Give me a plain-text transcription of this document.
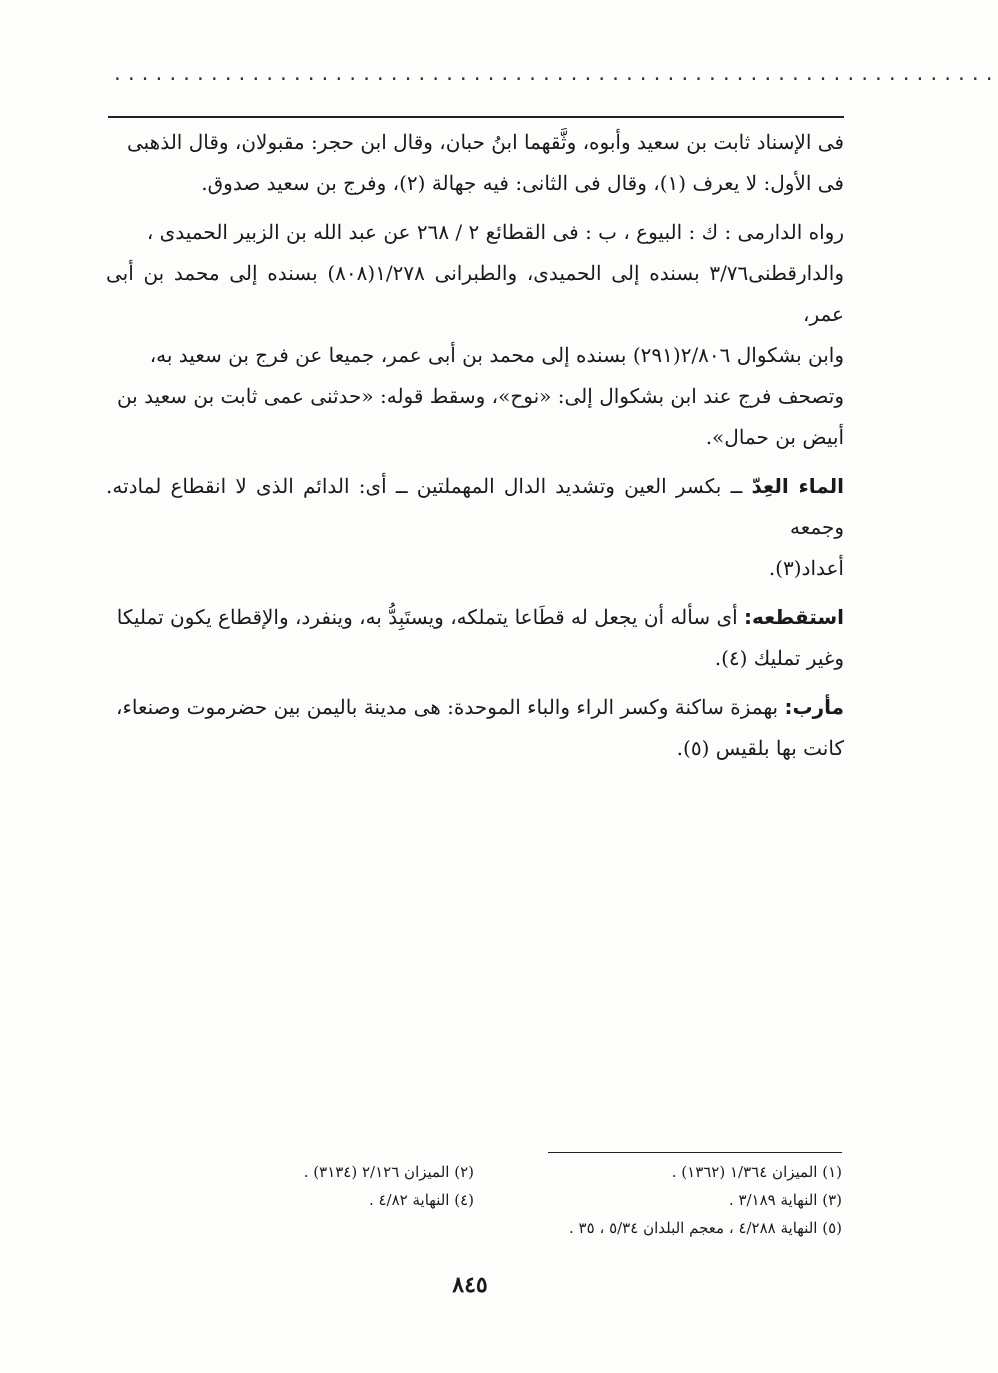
................................................................

فى الإسناد ثابت بن سعيد وأبوه، وثَّقهما ابنُ حبان، وقال ابن حجر: مقبولان، وقال الذهبى
فى الأول: لا يعرف (١)، وقال فى الثانى: فيه جهالة (٢)، وفرج بن سعيد صدوق.

رواه الدارمى : ك : البيوع ، ب : فى القطائع ٢ / ٢٦٨ عن عبد الله بن الزبير الحميدى ،
والدارقطنى٣/٧٦ بسنده إلى الحميدى، والطبرانى ١/٢٧٨(٨٠٨) بسنده إلى محمد بن أبى عمر،
وابن بشكوال ٢/٨٠٦(٢٩١) بسنده إلى محمد بن أبى عمر، جميعا عن فرج بن سعيد به،
وتصحف فرج عند ابن بشكوال إلى: «نوح»، وسقط قوله: «حدثنى عمى ثابت بن سعيد بن
أبيض بن حمال».

الماء العِدّ ــ بكسر العين وتشديد الدال المهملتين ــ أى: الدائم الذى لا انقطاع لمادته. وجمعه
أعداد(٣).

استقطعه: أى سأله أن يجعل له قطَاعا يتملكه، ويستَبِدُّ به، وينفرد، والإقطاع يكون تمليكا
وغير تمليك (٤).

مأرب: بهمزة ساكنة وكسر الراء والباء الموحدة: هى مدينة باليمن بين حضرموت وصنعاء،
كانت بها بلقيس (٥).

(١) الميزان ١/٣٦٤ (١٣٦٢) .
(٢) الميزان ٢/١٢٦ (٣١٣٤) .
(٣) النهاية ٣/١٨٩ .
(٤) النهاية ٤/٨٢ .
(٥) النهاية ٤/٢٨٨ ، معجم البلدان ٥/٣٤ ، ٣٥ .
٨٤٥
